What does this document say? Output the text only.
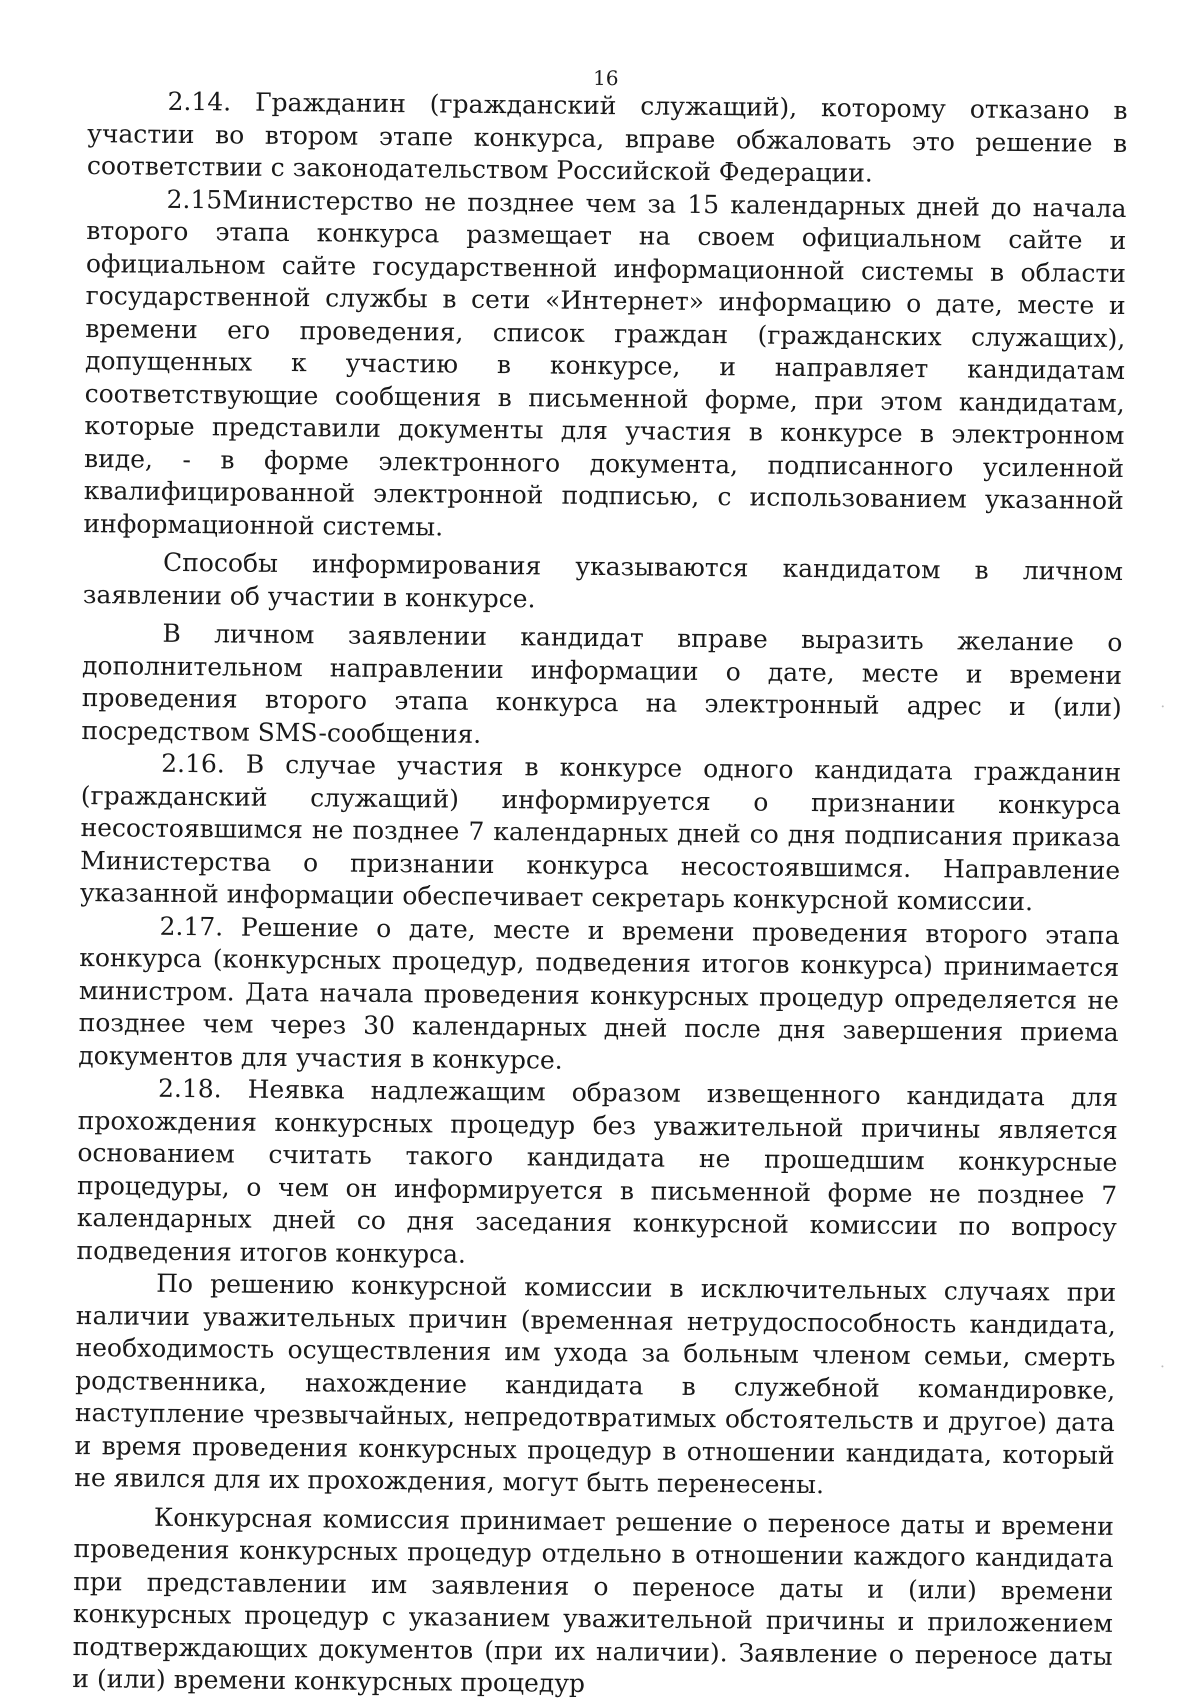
16

2.14. Гражданин (гражданский служащий), которому отказано в участии во втором этапе конкурса, вправе обжаловать это решение в соответствии с законодательством Российской Федерации.

2.15Министерство не позднее чем за 15 календарных дней до начала второго этапа конкурса размещает на своем официальном сайте и официальном сайте государственной информационной системы в области государственной службы в сети «Интернет» информацию о дате, месте и времени его проведения, список граждан (гражданских служащих), допущенных к участию в конкурсе, и направляет кандидатам соответствующие сообщения в письменной форме, при этом кандидатам, которые представили документы для участия в конкурсе в электронном виде, - в форме электронного документа, подписанного усиленной квалифицированной электронной подписью, с использованием указанной информационной системы.

Способы информирования указываются кандидатом в личном заявлении об участии в конкурсе.

В личном заявлении кандидат вправе выразить желание о дополнительном направлении информации о дате, месте и времени проведения второго этапа конкурса на электронный адрес и (или) посредством SMS-сообщения.

2.16. В случае участия в конкурсе одного кандидата гражданин (гражданский служащий) информируется о признании конкурса несостоявшимся не позднее 7 календарных дней со дня подписания приказа Министерства о признании конкурса несостоявшимся. Направление указанной информации обеспечивает секретарь конкурсной комиссии.

2.17. Решение о дате, месте и времени проведения второго этапа конкурса (конкурсных процедур, подведения итогов конкурса) принимается министром. Дата начала проведения конкурсных процедур определяется не позднее чем через 30 календарных дней после дня завершения приема документов для участия в конкурсе.

2.18. Неявка надлежащим образом извещенного кандидата для прохождения конкурсных процедур без уважительной причины является основанием считать такого кандидата не прошедшим конкурсные процедуры, о чем он информируется в письменной форме не позднее 7 календарных дней со дня заседания конкурсной комиссии по вопросу подведения итогов конкурса.

По решению конкурсной комиссии в исключительных случаях при наличии уважительных причин (временная нетрудоспособность кандидата, необходимость осуществления им ухода за больным членом семьи, смерть родственника, нахождение кандидата в служебной командировке, наступление чрезвычайных, непредотвратимых обстоятельств и другое) дата и время проведения конкурсных процедур в отношении кандидата, который не явился для их прохождения, могут быть перенесены.

Конкурсная комиссия принимает решение о переносе даты и времени проведения конкурсных процедур отдельно в отношении каждого кандидата при представлении им заявления о переносе даты и (или) времени конкурсных процедур с указанием уважительной причины и приложением подтверждающих документов (при их наличии). Заявление о переносе даты и (или) времени конкурсных процедур
